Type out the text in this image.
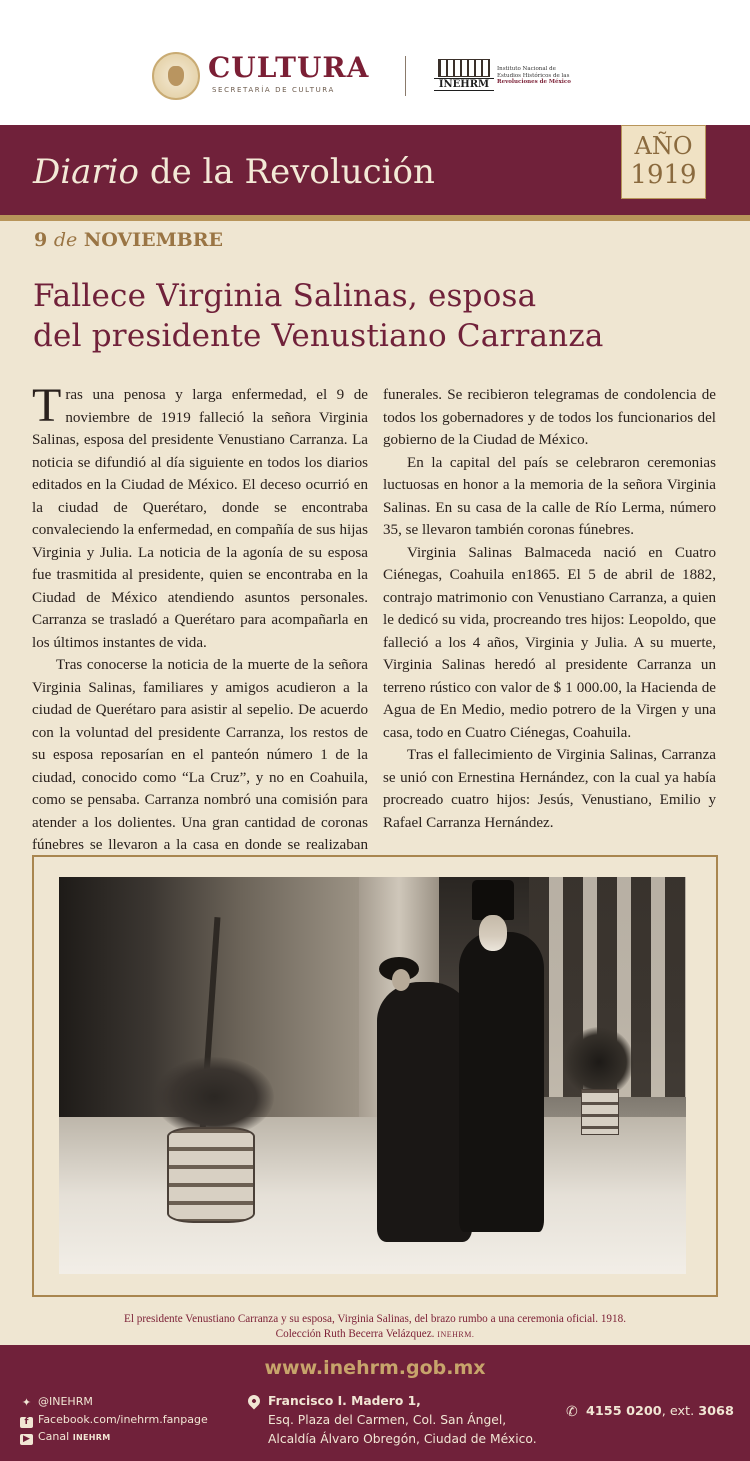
CULTURA
SECRETARÍA DE CULTURA	INEHRM
Instituto Nacional de
Estudios Históricos de las
Revoluciones de México
Diario de la Revolución
AÑO
1919
9 de NOVIEMBRE
Fallece Virginia Salinas, esposa
del presidente Venustiano Carranza

Tras una penosa y larga enfermedad, el 9 de noviembre de 1919 falleció la señora Virginia Salinas, esposa del presidente Venustiano Carranza. La noticia se difundió al día siguiente en todos los diarios editados en la Ciudad de México. El deceso ocurrió en la ciudad de Querétaro, donde se encontraba convaleciendo la enfermedad, en compañía de sus hijas Virginia y Julia. La noticia de la agonía de su esposa fue trasmitida al presidente, quien se encontraba en la Ciudad de México atendiendo asuntos personales. Carranza se trasladó a Querétaro para acompañarla en los últimos instantes de vida.

Tras conocerse la noticia de la muerte de la señora Virginia Salinas, familiares y amigos acudieron a la ciudad de Querétaro para asistir al sepelio. De acuerdo con la voluntad del presidente Carranza, los restos de su esposa reposarían en el panteón número 1 de la ciudad, conocido como “La Cruz”, y no en Coahuila, como se pensaba. Carranza nombró una comisión para atender a los dolientes. Una gran cantidad de coronas fúnebres se llevaron a la casa en donde se realizaban

funerales. Se recibieron telegramas de condolencia de todos los gobernadores y de todos los funcionarios del gobierno de la Ciudad de México.

En la capital del país se celebraron ceremonias luctuosas en honor a la memoria de la señora Virginia Salinas. En su casa de la calle de Río Lerma, número 35, se llevaron también coronas fúnebres.

Virginia Salinas Balmaceda nació en Cuatro Ciénegas, Coahuila en1865. El 5 de abril de 1882, contrajo matrimonio con Venustiano Carranza, a quien le dedicó su vida, procreando tres hijos: Leopoldo, que falleció a los 4 años, Virginia y Julia. A su muerte, Virginia Salinas heredó al presidente Carranza un terreno rústico con valor de $ 1 000.00, la Hacienda de Agua de En Medio, medio potrero de la Virgen y una casa, todo en Cuatro Ciénegas, Coahuila.

Tras el fallecimiento de Virginia Salinas, Carranza se unió con Ernestina Hernández, con la cual ya había procreado cuatro hijos: Jesús, Venustiano, Emilio y Rafael Carranza Hernández.

El presidente Venustiano Carranza y su esposa, Virginia Salinas, del brazo rumbo a una ceremonia oficial. 1918.
Colección Ruth Becerra Velázquez. INEHRM.
www.inehrm.gob.mx
✦ @INEHRM
f Facebook.com/inehrm.fanpage
▶ Canal INEHRM
Francisco I. Madero 1,
Esq. Plaza del Carmen, Col. San Ángel,
Alcaldía Álvaro Obregón, Ciudad de México.
✆ 4155 0200, ext. 3068
